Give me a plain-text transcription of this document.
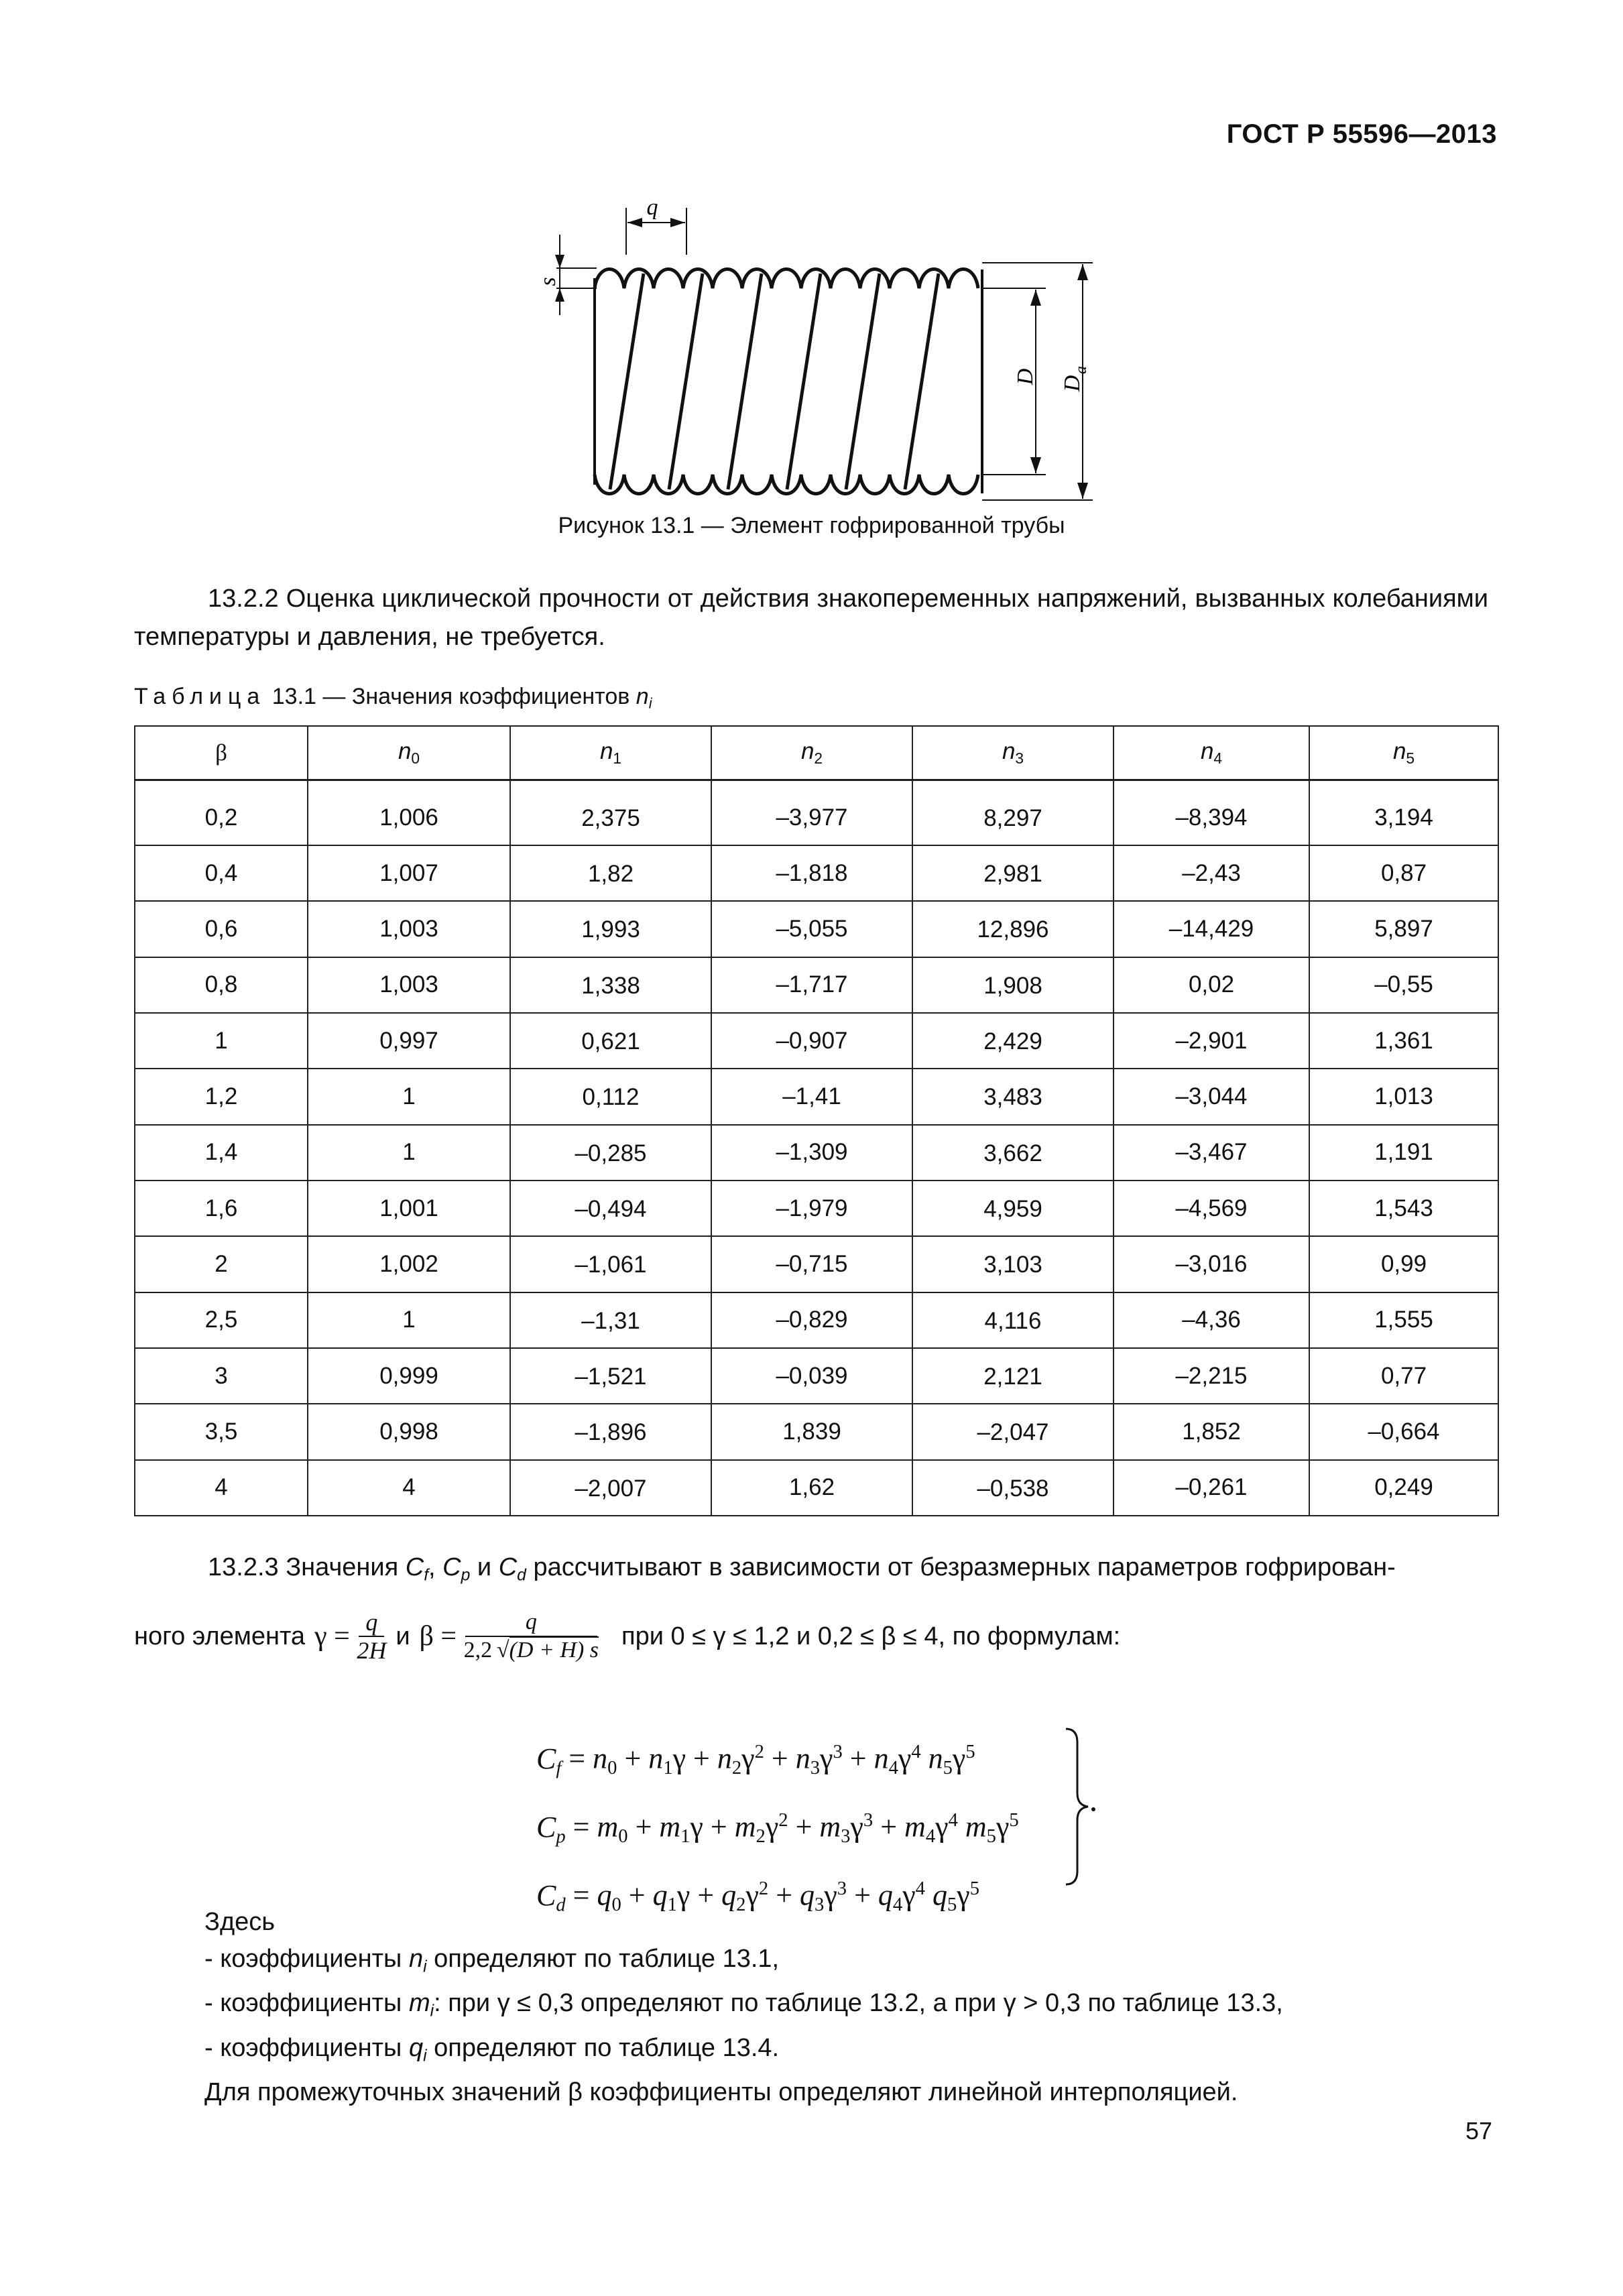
ГОСТ Р 55596—2013
q
s
D D
a
Рисунок 13.1 — Элемент гофрированной трубы
13.2.2 Оценка циклической прочности от действия знакопеременных напряжений, вызванных колебаниями температуры и давления, не требуется.
Таблица 13.1 — Значения коэффициентов $n_i$
β	$n_0$	$n_1$	$n_2$	$n_3$	$n_4$	$n_5$

0,2	1,006	2,375	–3,977	8,297	–8,394	3,194
0,4	1,007	1,82	–1,818	2,981	–2,43	0,87
0,6	1,003	1,993	–5,055	12,896	–14,429	5,897
0,8	1,003	1,338	–1,717	1,908	0,02	–0,55
1	0,997	0,621	–0,907	2,429	–2,901	1,361
1,2	1	0,112	–1,41	3,483	–3,044	1,013
1,4	1	–0,285	–1,309	3,662	–3,467	1,191
1,6	1,001	–0,494	–1,979	4,959	–4,569	1,543
2	1,002	–1,061	–0,715	3,103	–3,016	0,99
2,5	1	–1,31	–0,829	4,116	–4,36	1,555
3	0,999	–1,521	–0,039	2,121	–2,215	0,77
3,5	0,998	–1,896	1,839	–2,047	1,852	–0,664
4	4	–2,007	1,62	–0,538	–0,261	0,249
13.2.3 Значения $C_f$, $C_p$ и $C_d$ рассчитывают в зависимости от безразмерных параметров гофрирован-
ного элемента γ = q
2H
и β =	q
2,2 √(D + H) s при 0 ≤ γ ≤ 1,2 и 0,2 ≤ β ≤ 4, по формулам:
$C_f = n_0 + n_1\gamma + n_2\gamma^2 + n_3\gamma^3 + n_4\gamma^4$ $n_5\gamma^5$
$C_p = m_0 + m_1\gamma + m_2\gamma^2 + m_3\gamma^3 + m_4\gamma^4$ $m_5\gamma^5$
$C_d = q_0 + q_1\gamma + q_2\gamma^2 + q_3\gamma^3 + q_4\gamma^4$ $q_5\gamma^5$
Здесь
- коэффициенты $n_i$ определяют по таблице 13.1,
- коэффициенты $m_i$: при γ ≤ 0,3 определяют по таблице 13.2, а при γ > 0,3 по таблице 13.3,
- коэффициенты $q_i$ определяют по таблице 13.4.
Для промежуточных значений β коэффициенты определяют линейной интерполяцией.
57
